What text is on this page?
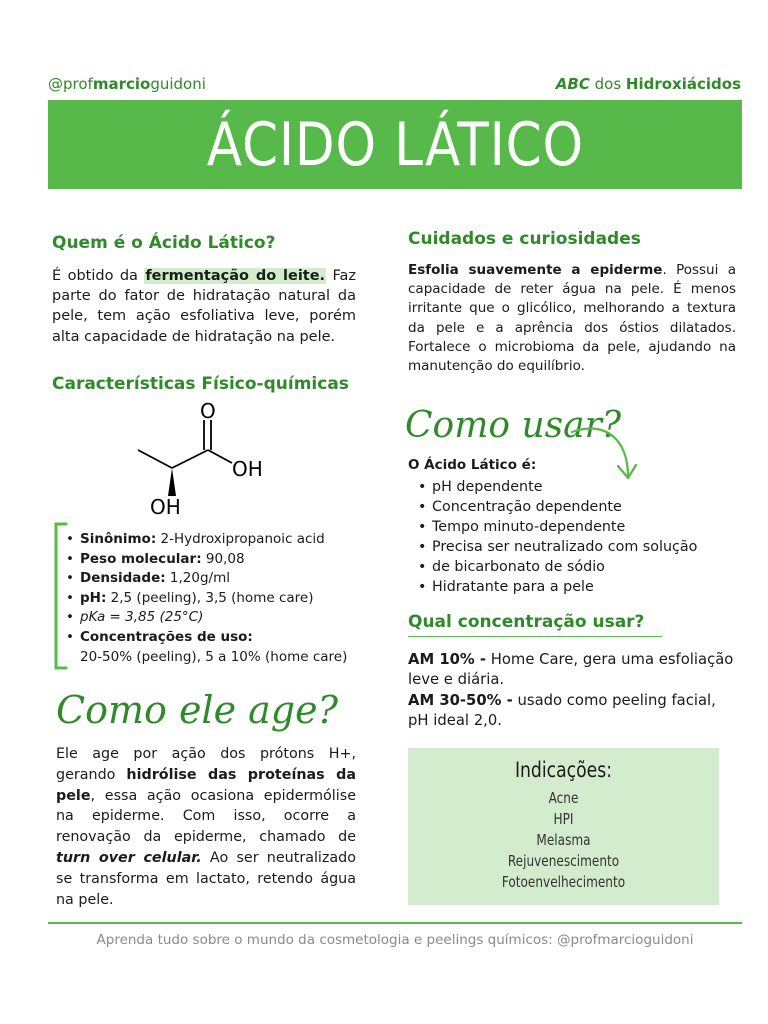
@profmarcioguidoni	ABC dos Hidroxiácidos
ÁCIDO LÁTICO
Quem é o Ácido Lático?

É obtido da fermentação do leite. Faz parte do fator de hidratação natural da pele, tem ação esfoliativa leve, porém alta capacidade de hidratação na pele.

Características Físico-químicas
O
OH
OH
• Sinônimo: 2-Hydroxipropanoic acid
• Peso molecular: 90,08
• Densidade: 1,20g/ml
• pH: 2,5 (peeling), 3,5 (home care)
• pKa = 3,85 (25°C)
• Concentrações de uso:
20-50% (peeling), 5 a 10% (home care)
Como ele age?

Ele age por ação dos prótons H+, gerando hidrólise das proteínas da pele, essa ação ocasiona epidermólise na epiderme. Com isso, ocorre a renovação da epiderme, chamado de turn over celular. Ao ser neutralizado se transforma em lactato, retendo água na pele.

Cuidados e curiosidades

Esfolia suavemente a epiderme. Possui a capacidade de reter água na pele. É menos irritante que o glicólico, melhorando a textura da pele e a aprência dos óstios dilatados. Fortalece o microbioma da pele, ajudando na manutenção do equilíbrio.

Como usar?
O Ácido Lático é:
• pH dependente
• Concentração dependente
• Tempo minuto-dependente
• Precisa ser neutralizado com solução
• de bicarbonato de sódio
• Hidratante para a pele
Qual concentração usar?

AM 10% - Home Care, gera uma esfoliação leve e diária.
AM 30-50% - usado como peeling facial, pH ideal 2,0.

Indicações:
Acne
HPI
Melasma
Rejuvenescimento
Fotoenvelhecimento
Aprenda tudo sobre o mundo da cosmetologia e peelings químicos: @profmarcioguidoni
